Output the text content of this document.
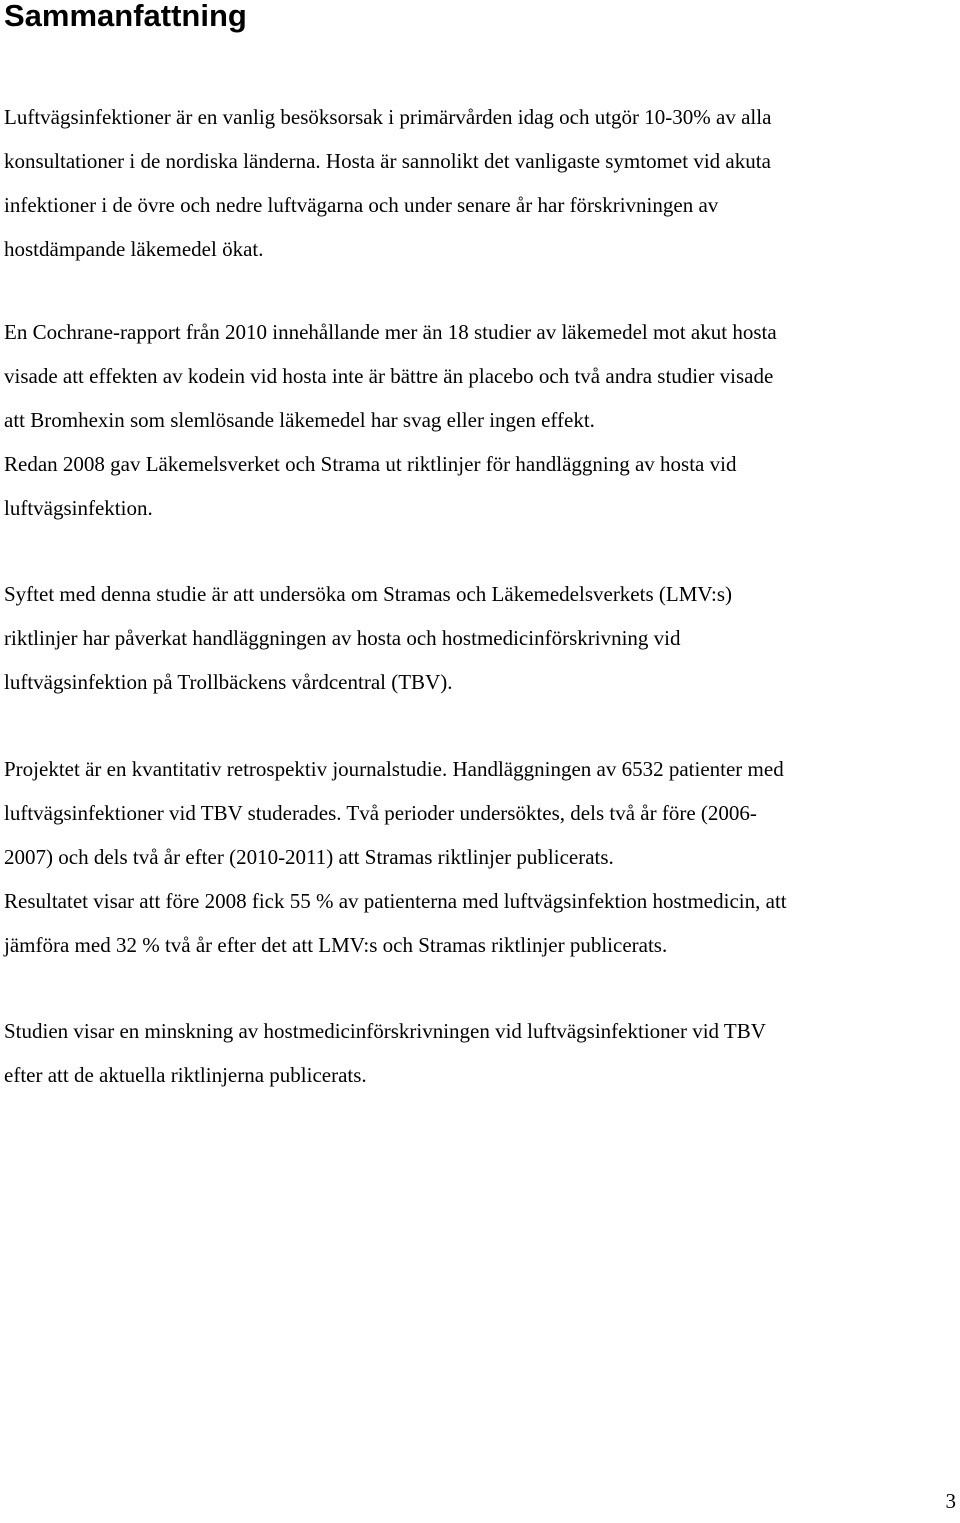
Sammanfattning

Luftvägsinfektioner är en vanlig besöksorsak i primärvården idag och utgör 10-30% av alla
konsultationer i de nordiska länderna. Hosta är sannolikt det vanligaste symtomet vid akuta
infektioner i de övre och nedre luftvägarna och under senare år har förskrivningen av
hostdämpande läkemedel ökat.

En Cochrane-rapport från 2010 innehållande mer än 18 studier av läkemedel mot akut hosta
visade att effekten av kodein vid hosta inte är bättre än placebo och två andra studier visade
att Bromhexin som slemlösande läkemedel har svag eller ingen effekt.
Redan 2008 gav Läkemelsverket och Strama ut riktlinjer för handläggning av hosta vid
luftvägsinfektion.

Syftet med denna studie är att undersöka om Stramas och Läkemedelsverkets (LMV:s)
riktlinjer har påverkat handläggningen av hosta och hostmedicinförskrivning vid
luftvägsinfektion på Trollbäckens vårdcentral (TBV).

Projektet är en kvantitativ retrospektiv journalstudie. Handläggningen av 6532 patienter med
luftvägsinfektioner vid TBV studerades. Två perioder undersöktes, dels två år före (2006-
2007) och dels två år efter (2010-2011) att Stramas riktlinjer publicerats.
Resultatet visar att före 2008 fick 55 % av patienterna med luftvägsinfektion hostmedicin, att
jämföra med 32 % två år efter det att LMV:s och Stramas riktlinjer publicerats.

Studien visar en minskning av hostmedicinförskrivningen vid luftvägsinfektioner vid TBV
efter att de aktuella riktlinjerna publicerats.

3
